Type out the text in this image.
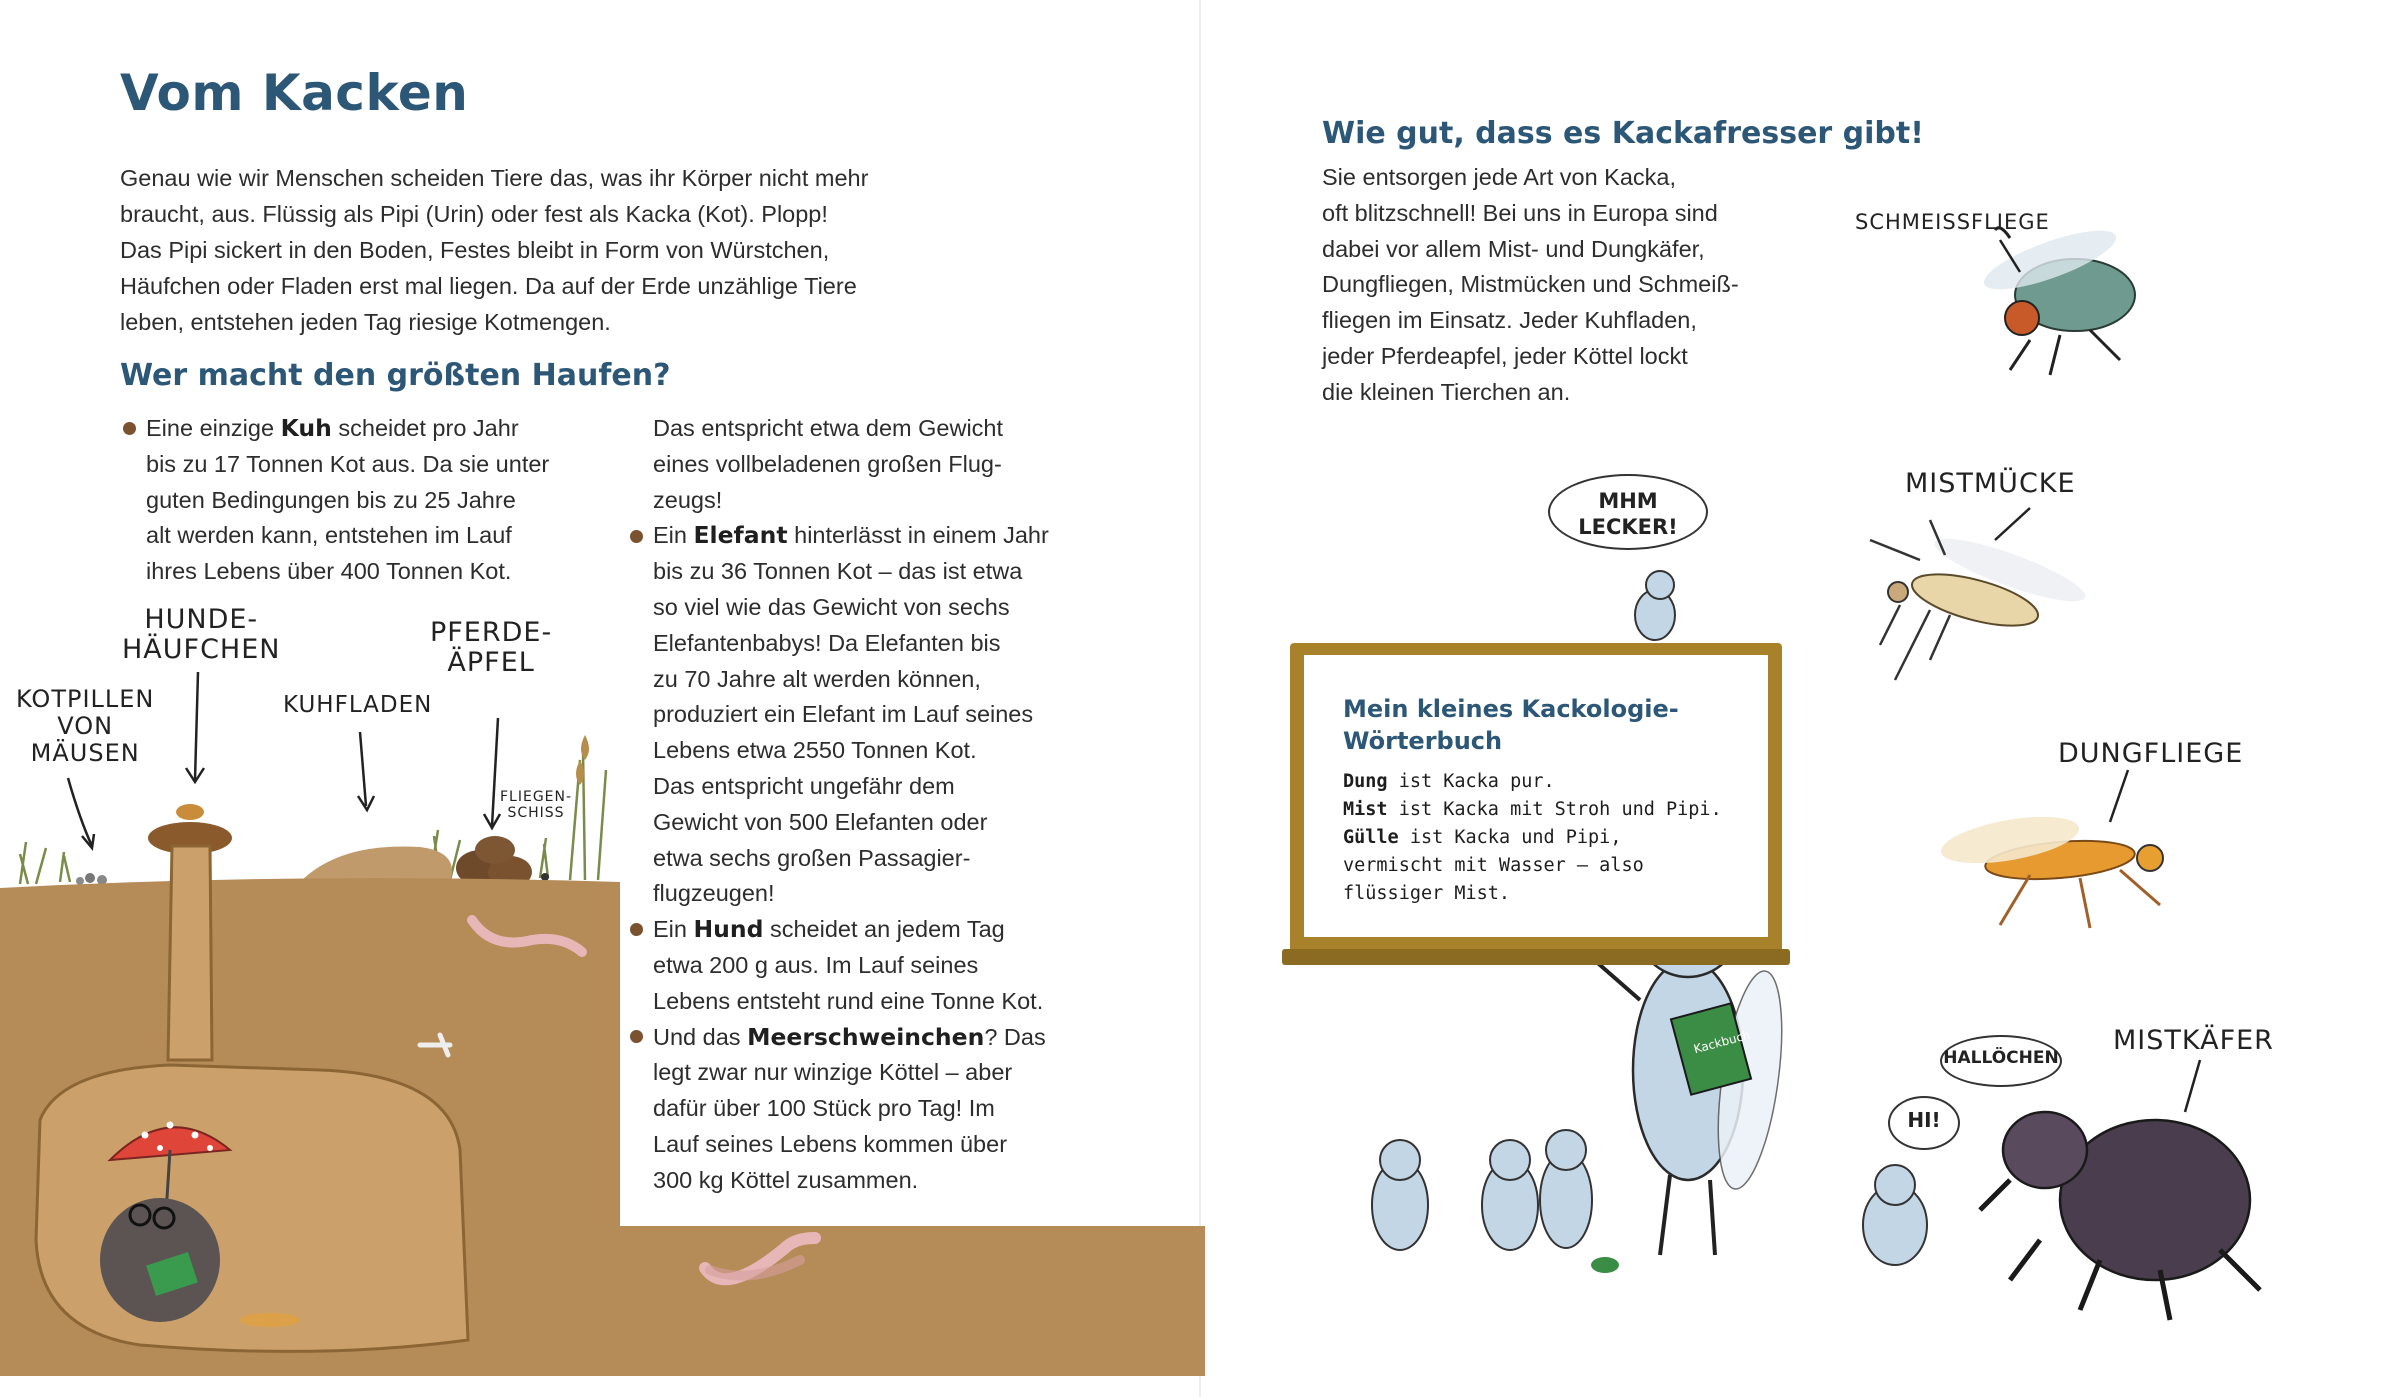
Vom Kacken
Genau wie wir Menschen scheiden Tiere das, was ihr Körper nicht mehr
braucht, aus. Flüssig als Pipi (Urin) oder fest als Kacka (Kot). Plopp!
Das Pipi sickert in den Boden, Festes bleibt in Form von Würstchen,
Häufchen oder Fladen erst mal liegen. Da auf der Erde unzählige Tiere
leben, entstehen jeden Tag riesige Kotmengen.
Wer macht den größten Haufen?
Eine einzige Kuh scheidet pro Jahr
bis zu 17 Tonnen Kot aus. Da sie unter
guten Bedingungen bis zu 25 Jahre
alt werden kann, entstehen im Lauf
ihres Lebens über 400 Tonnen Kot.
Das entspricht etwa dem Gewicht
eines vollbeladenen großen Flug-
zeugs!
Ein Elefant hinterlässt in einem Jahr
bis zu 36 Tonnen Kot – das ist etwa
so viel wie das Gewicht von sechs
Elefantenbabys! Da Elefanten bis
zu 70 Jahre alt werden können,
produziert ein Elefant im Lauf seines
Lebens etwa 2550 Tonnen Kot.
Das entspricht ungefähr dem
Gewicht von 500 Elefanten oder
etwa sechs großen Passagier-
flugzeugen!
Ein Hund scheidet an jedem Tag
etwa 200 g aus. Im Lauf seines
Lebens entsteht rund eine Tonne Kot.
Und das Meerschweinchen? Das
legt zwar nur winzige Köttel – aber
dafür über 100 Stück pro Tag! Im
Lauf seines Lebens kommen über
300 kg Köttel zusammen.
KOTPILLEN
VON
MÄUSEN
HUNDE-
HÄUFCHEN
KUHFLADEN
PFERDE-
ÄPFEL
FLIEGEN-
SCHISS
Wie gut, dass es Kackafresser gibt!
Sie entsorgen jede Art von Kacka,
oft blitzschnell! Bei uns in Europa sind
dabei vor allem Mist- und Dungkäfer,
Dungfliegen, Mistmücken und Schmeiß-
fliegen im Einsatz. Jeder Kuhfladen,
jeder Pferdeapfel, jeder Köttel lockt
die kleinen Tierchen an.
SCHMEISSFLIEGE
MISTMÜCKE
DUNGFLIEGE
MISTKÄFER
MHM
LECKER!
HALLÖCHEN
HI!
Mein kleines Kackologie-
Wörterbuch
Dung ist Kacka pur.
Mist ist Kacka mit Stroh und Pipi.
Gülle ist Kacka und Pipi,
vermischt mit Wasser – also
flüssiger Mist.
Kackbuch
